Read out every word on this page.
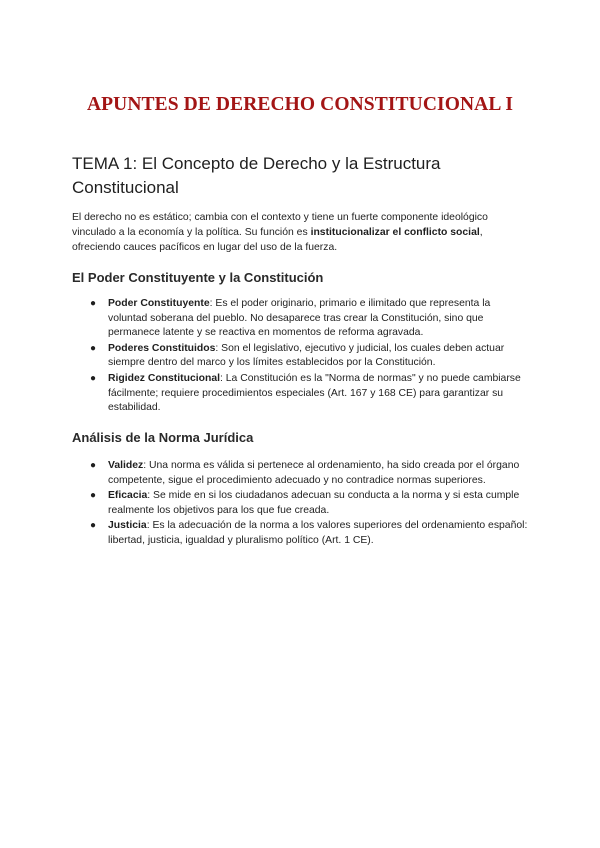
APUNTES DE DERECHO CONSTITUCIONAL I
TEMA 1: El Concepto de Derecho y la Estructura Constitucional

El derecho no es estático; cambia con el contexto y tiene un fuerte componente ideológico vinculado a la economía y la política. Su función es institucionalizar el conflicto social, ofreciendo cauces pacíficos en lugar del uso de la fuerza.

El Poder Constituyente y la Constitución
● Poder Constituyente: Es el poder originario, primario e ilimitado que representa la voluntad soberana del pueblo. No desaparece tras crear la Constitución, sino que permanece latente y se reactiva en momentos de reforma agravada.
● Poderes Constituidos: Son el legislativo, ejecutivo y judicial, los cuales deben actuar siempre dentro del marco y los límites establecidos por la Constitución.
● Rigidez Constitucional: La Constitución es la "Norma de normas" y no puede cambiarse fácilmente; requiere procedimientos especiales (Art. 167 y 168 CE) para garantizar su estabilidad.
Análisis de la Norma Jurídica
● Validez: Una norma es válida si pertenece al ordenamiento, ha sido creada por el órgano competente, sigue el procedimiento adecuado y no contradice normas superiores.
● Eficacia: Se mide en si los ciudadanos adecuan su conducta a la norma y si esta cumple realmente los objetivos para los que fue creada.
● Justicia: Es la adecuación de la norma a los valores superiores del ordenamiento español: libertad, justicia, igualdad y pluralismo político (Art. 1 CE).
